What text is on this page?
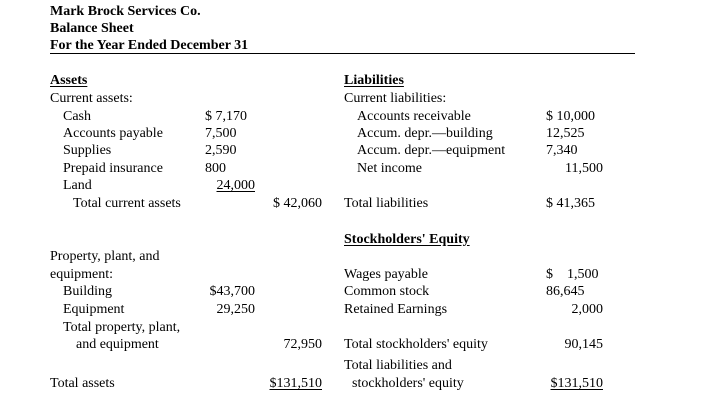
Mark Brock Services Co.
Balance Sheet
For the Year Ended December 31
Assets
Current assets:
Cash	$ 7,170
Accounts payable	7,500
Supplies	2,590
Prepaid insurance	800
Land	24,000
Total current assets	$ 42,060
Property, plant, and
equipment:
Building	$43,700
Equipment	29,250
Total property, plant,
and equipment	72,950
Total assets	$131,510
Liabilities
Current liabilities:
Accounts receivable	$ 10,000
Accum. depr.—building	12,525
Accum. depr.—equipment	7,340
Net income	11,500
Total liabilities	$ 41,365
Stockholders' Equity
Wages payable	$    1,500
Common stock	86,645
Retained Earnings	2,000
Total stockholders' equity	90,145
Total liabilities and
stockholders' equity	$131,510
